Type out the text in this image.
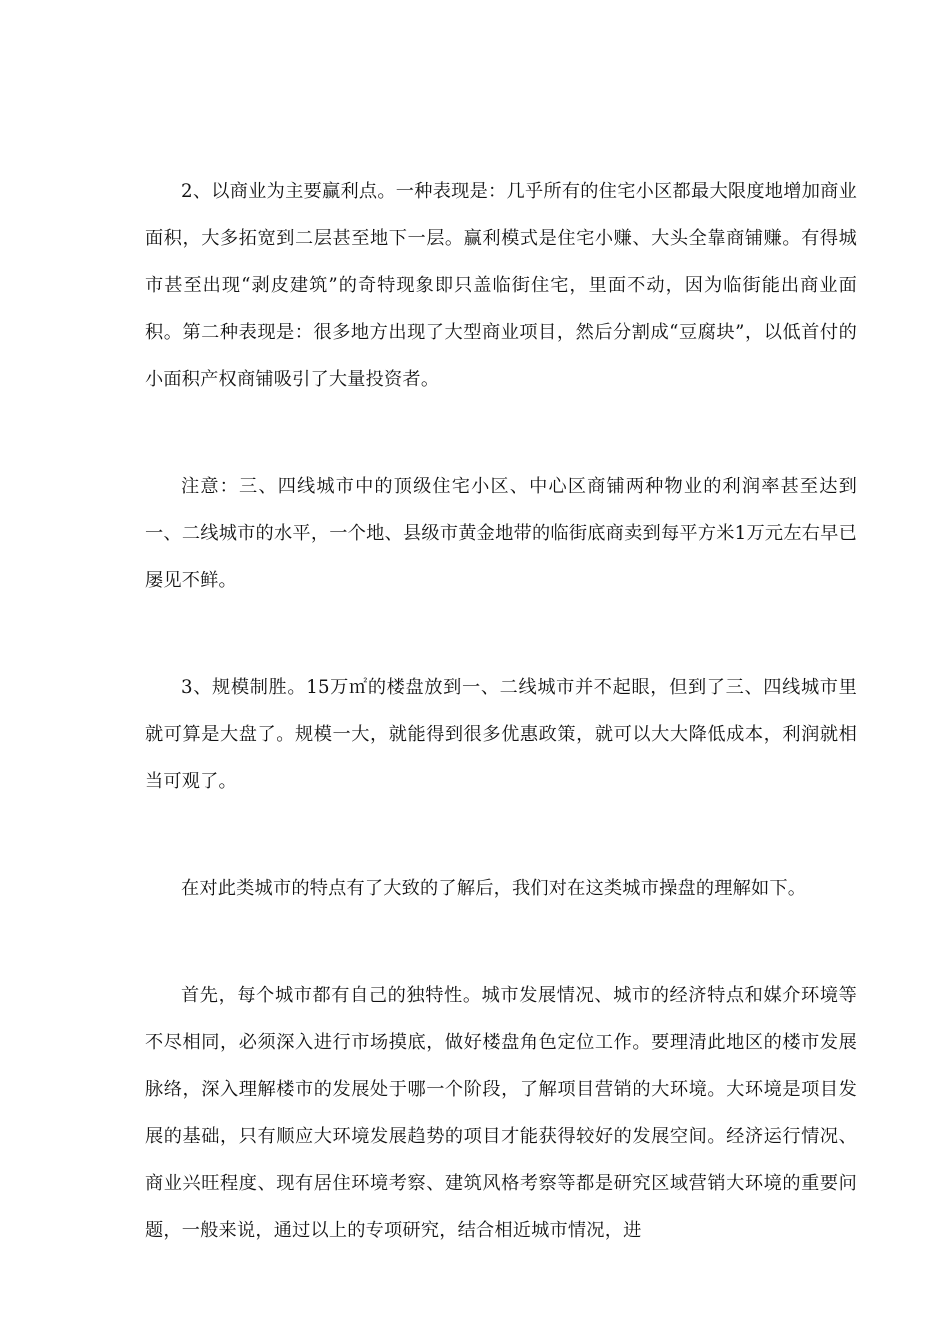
2、以商业为主要赢利点。一种表现是：几乎所有的住宅小区都最大限度地增加商业面积，大多拓宽到二层甚至地下一层。赢利模式是住宅小赚、大头全靠商铺赚。有得城市甚至出现“剥皮建筑”的奇特现象即只盖临街住宅，里面不动，因为临街能出商业面积。第二种表现是：很多地方出现了大型商业项目，然后分割成“豆腐块”，以低首付的小面积产权商铺吸引了大量投资者。

注意：三、四线城市中的顶级住宅小区、中心区商铺两种物业的利润率甚至达到一、二线城市的水平，一个地、县级市黄金地带的临街底商卖到每平方米1万元左右早已屡见不鲜。

3、规模制胜。15万㎡的楼盘放到一、二线城市并不起眼，但到了三、四线城市里就可算是大盘了。规模一大，就能得到很多优惠政策，就可以大大降低成本，利润就相当可观了。

在对此类城市的特点有了大致的了解后，我们对在这类城市操盘的理解如下。

首先，每个城市都有自己的独特性。城市发展情况、城市的经济特点和媒介环境等不尽相同，必须深入进行市场摸底，做好楼盘角色定位工作。要理清此地区的楼市发展脉络，深入理解楼市的发展处于哪一个阶段，了解项目营销的大环境。大环境是项目发展的基础，只有顺应大环境发展趋势的项目才能获得较好的发展空间。经济运行情况、商业兴旺程度、现有居住环境考察、建筑风格考察等都是研究区域营销大环境的重要问题，一般来说，通过以上的专项研究，结合相近城市情况，进
